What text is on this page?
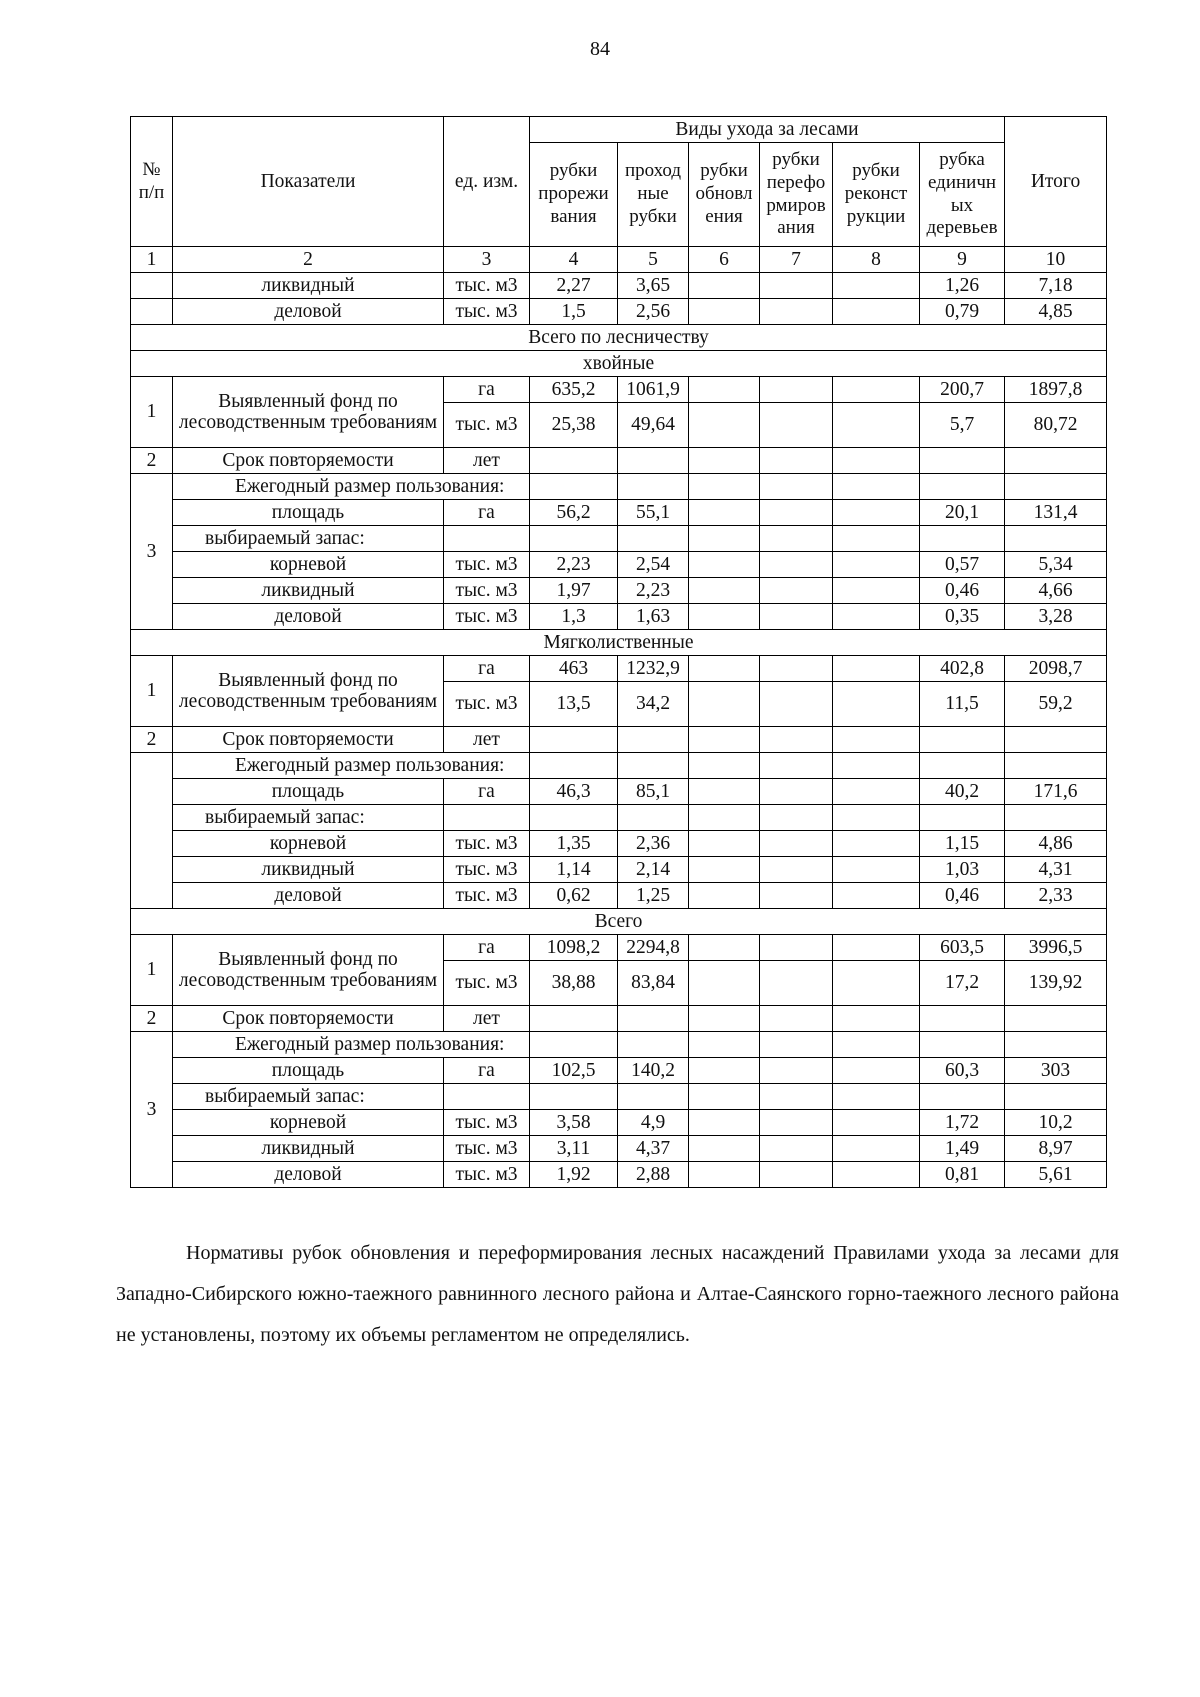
84
№ п/п	Показатели	ед. изм.	Виды ухода за лесами						Итого
			рубки прорежи вания	проход ные рубки	рубки обновл ения	рубки перефо рмиров ания	рубки реконст рукции	рубка единичн ых деревьев	
1	2	3	4	5	6	7	8	9	10
	ликвидный	тыс. м3	2,27	3,65				1,26	7,18
	деловой	тыс. м3	1,5	2,56				0,79	4,85
Всего по лесничеству									
хвойные									
1	Выявленный фонд по лесоводственным требованиям	га	635,2	1061,9				200,7	1897,8
		тыс. м3	25,38	49,64				5,7	80,72
2	Срок повторяемости	лет							
3	Ежегодный размер пользования:								
	площадь	га	56,2	55,1				20,1	131,4
	выбираемый запас:								
	корневой	тыс. м3	2,23	2,54				0,57	5,34
	ликвидный	тыс. м3	1,97	2,23				0,46	4,66
	деловой	тыс. м3	1,3	1,63				0,35	3,28
Мягколиственные									
1	Выявленный фонд по лесоводственным требованиям	га	463	1232,9				402,8	2098,7
		тыс. м3	13,5	34,2				11,5	59,2
2	Срок повторяемости	лет							
	Ежегодный размер пользования:								
	площадь	га	46,3	85,1				40,2	171,6
	выбираемый запас:								
	корневой	тыс. м3	1,35	2,36				1,15	4,86
	ликвидный	тыс. м3	1,14	2,14				1,03	4,31
	деловой	тыс. м3	0,62	1,25				0,46	2,33
Всего									
1	Выявленный фонд по лесоводственным требованиям	га	1098,2	2294,8				603,5	3996,5
		тыс. м3	38,88	83,84				17,2	139,92
2	Срок повторяемости	лет							
3	Ежегодный размер пользования:								
	площадь	га	102,5	140,2				60,3	303
	выбираемый запас:								
	корневой	тыс. м3	3,58	4,9				1,72	10,2
	ликвидный	тыс. м3	3,11	4,37				1,49	8,97
	деловой	тыс. м3	1,92	2,88				0,81	5,61
Нормативы рубок обновления и переформирования лесных насаждений Правилами ухода за лесами для Западно-Сибирского южно-таежного равнинного лесного района и Алтае-Саянского горно-таежного лесного района не установлены, поэтому их объемы регламентом не определялись.
